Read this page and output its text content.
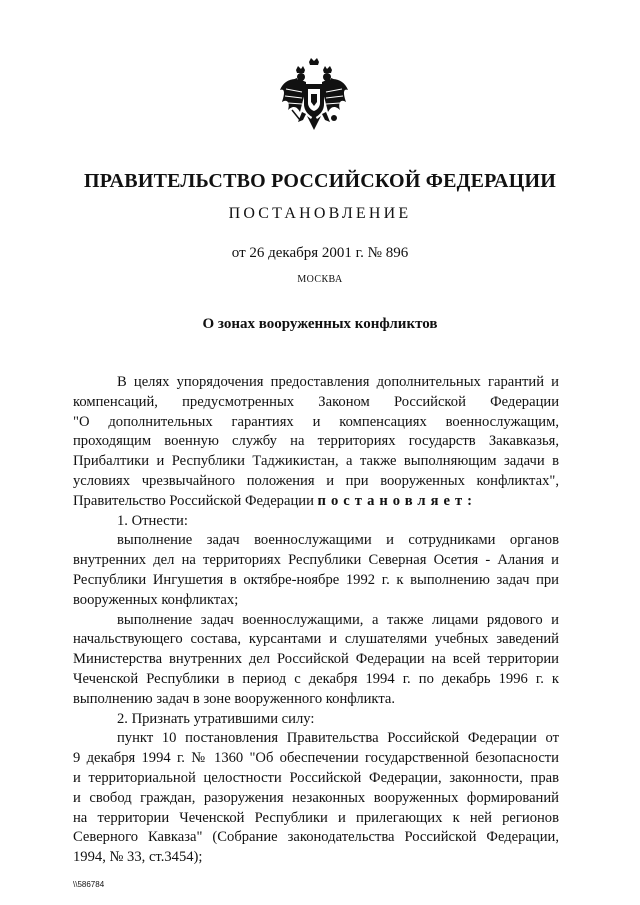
ПРАВИТЕЛЬСТВО РОССИЙСКОЙ ФЕДЕРАЦИИ
ПОСТАНОВЛЕНИЕ
от 26 декабря 2001 г. № 896
МОСКВА
О зонах вооруженных конфликтов
В целях упорядочения предоставления дополнительных гарантий и
компенсаций, предусмотренных Законом Российской Федерации
"О дополнительных гарантиях и компенсациях военнослужащим,
проходящим военную службу на территориях государств Закавказья,
Прибалтики и Республики Таджикистан, а также выполняющим задачи в
условиях чрезвычайного положения и при вооруженных конфликтах",
Правительство Российской Федерации постановляет:
1. Отнести:
выполнение задач военнослужащими и сотрудниками органов
внутренних дел на территориях Республики Северная Осетия - Алания и
Республики Ингушетия в октябре-ноябре 1992 г. к выполнению задач при
вооруженных конфликтах;
выполнение задач военнослужащими, а также лицами рядового и
начальствующего состава, курсантами и слушателями учебных заведений
Министерства внутренних дел Российской Федерации на всей территории
Чеченской Республики в период с декабря 1994 г. по декабрь 1996 г. к
выполнению задач в зоне вооруженного конфликта.
2. Признать утратившими силу:
пункт 10 постановления Правительства Российской Федерации от
9 декабря 1994 г. № 1360 "Об обеспечении государственной безопасности
и территориальной целостности Российской Федерации, законности, прав
и свобод граждан, разоружения незаконных вооруженных формирований
на территории Чеченской Республики и прилегающих к ней регионов
Северного Кавказа" (Собрание законодательства Российской Федерации,
1994, № 33, ст.3454);
\\586784
